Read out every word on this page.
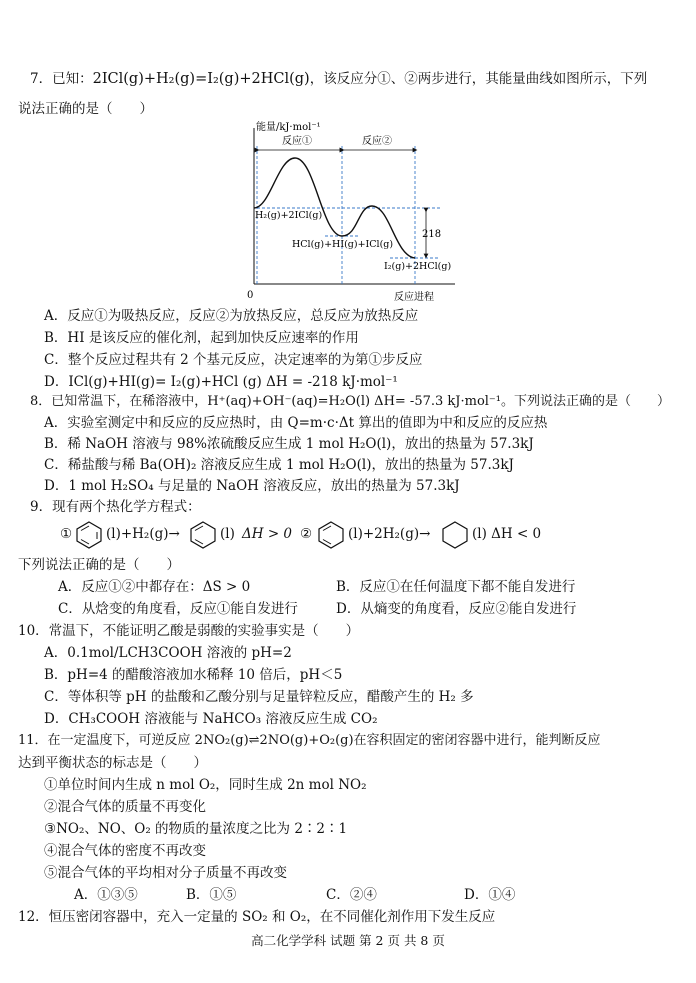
7．已知：2ICl(g)+H₂(g)=I₂(g)+2HCl(g)，该反应分①、②两步进行，其能量曲线如图所示，下列
说法正确的是（　　）
218
能量/kJ·mol⁻¹
反应①	反应②
H₂(g)+2ICl(g)
HCl(g)+HI(g)+ICl(g)
I₂(g)+2HCl(g)
0	反应进程
A．反应①为吸热反应，反应②为放热反应，总反应为放热反应
B．HI 是该反应的催化剂，起到加快反应速率的作用
C．整个反应过程共有 2 个基元反应，决定速率的为第①步反应
D．ICl(g)+HI(g)= I₂(g)+HCl (g) ΔH = -218 kJ·mol⁻¹
8．已知常温下，在稀溶液中，H⁺(aq)+OH⁻(aq)=H₂O(l) ΔH= -57.3 kJ·mol⁻¹。下列说法正确的是（　　）
A．实验室测定中和反应的反应热时，由 Q=m·c·Δt 算出的值即为中和反应的反应热
B．稀 NaOH 溶液与 98%浓硫酸反应生成 1 mol H₂O(l)，放出的热量为 57.3kJ
C．稀盐酸与稀 Ba(OH)₂ 溶液反应生成 1 mol H₂O(l)，放出的热量为 57.3kJ
D．1 mol H₂SO₄ 与足量的 NaOH 溶液反应，放出的热量为 57.3kJ
9．现有两个热化学方程式：
①	(l)+H₂(g)→	(l) ΔH > 0 ②	(l)+2H₂(g)→	(l) ΔH < 0
下列说法正确的是（　　）
A．反应①②中都存在：ΔS > 0	B．反应①在任何温度下都不能自发进行
C．从焓变的角度看，反应①能自发进行	D．从熵变的角度看，反应②能自发进行
10．常温下，不能证明乙酸是弱酸的实验事实是（　　）
A．0.1mol/LCH3COOH 溶液的 pH=2
B．pH=4 的醋酸溶液加水稀释 10 倍后，pH＜5
C．等体积等 pH 的盐酸和乙酸分别与足量锌粒反应，醋酸产生的 H₂ 多
D．CH₃COOH 溶液能与 NaHCO₃ 溶液反应生成 CO₂
11．在一定温度下，可逆反应 2NO₂(g)⇌2NO(g)+O₂(g)在容积固定的密闭容器中进行，能判断反应
达到平衡状态的标志是（　　）
①单位时间内生成 n mol O₂，同时生成 2n mol NO₂
②混合气体的质量不再变化
③NO₂、NO、O₂ 的物质的量浓度之比为 2∶2∶1
④混合气体的密度不再改变
⑤混合气体的平均相对分子质量不再改变
A．①③⑤	B．①⑤	C．②④	D．①④
12．恒压密闭容器中，充入一定量的 SO₂ 和 O₂，在不同催化剂作用下发生反应
高二化学学科 试题 第 2 页 共 8 页
